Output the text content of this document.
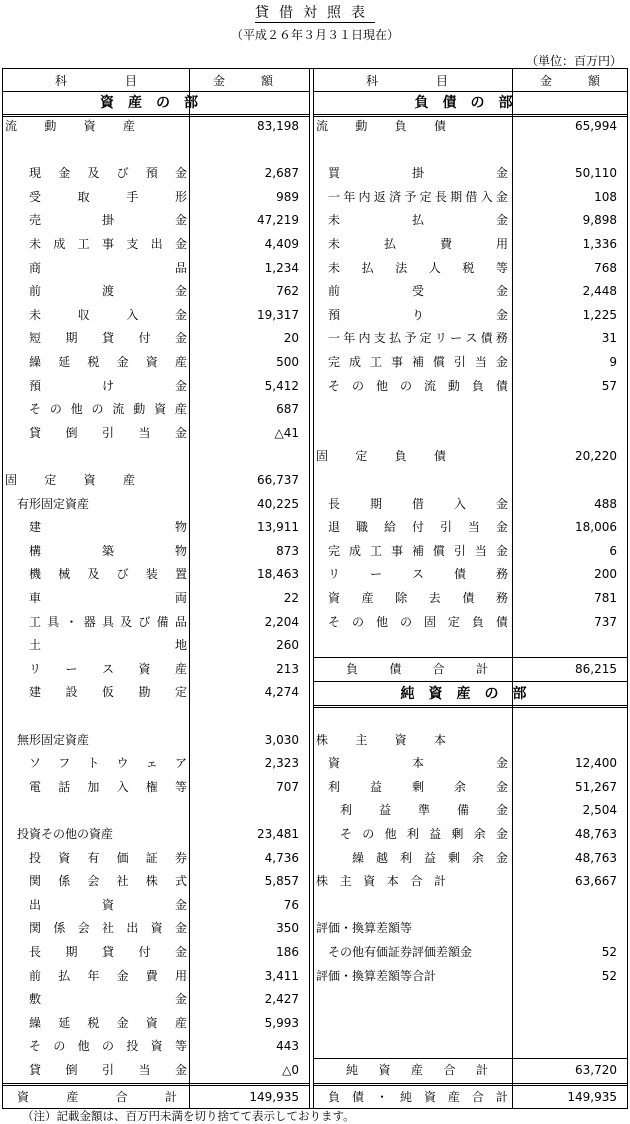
貸借対照表
（平成２６年３月３１日現在）
（単位：百万円）
科	目	金	額
資産の部
流 動 資 産	83,198
現 金 及 び 預 金	2,687
受	取	手	形	989
売	掛	金	47,219
未 成 工 事 支 出 金	4,409
商	品	1,234
前	渡	金	762
未	収	入	金	19,317
短 期 貸 付 金	20
繰 延 税 金 資 産	500
預	け	金	5,412
そ の 他 の 流 動 資 産	687
貸 倒 引 当 金	△41
固 定 資 産	66,737
有形固定資産	40,225
建	物	13,911
構	築	物	873
機 械 及 び 装 置	18,463
車	両	22
工 具 ・ 器 具 及 び 備 品	2,204
土	地	260
リ ー ス 資 産	213
建 設 仮 勘 定	4,274
無形固定資産	3,030
ソ フ ト ウ ェ ア	2,323
電 話 加 入 権 等	707
投資その他の資産	23,481
投 資 有 価 証 券	4,736
関 係 会 社 株 式	5,857
出	資	金	76
関 係 会 社 出 資 金	350
長 期 貸 付 金	186
前 払 年 金 費 用	3,411
敷	金	2,427
繰 延 税 金 資 産	5,993
そ の 他 の 投 資 等	443
貸 倒 引 当 金	△0
資	産	合	計	149,935
科	目	金	額
負債の部
流 動 負 債	65,994
買	掛	金	50,110
一 年 内 返 済 予 定 長 期 借 入 金	108
未	払	金	9,898
未	払	費	用	1,336
未 払 法 人 税 等	768
前	受	金	2,448
預	り	金	1,225
一 年 内 支 払 予 定 リ ー ス 債 務	31
完 成 工 事 補 償 引 当 金	9
そ の 他 の 流 動 負 債	57
固 定 負 債	20,220
長 期 借 入 金	488
退 職 給 付 引 当 金	18,006
完 成 工 事 補 償 引 当 金	6
リ ー ス 債 務	200
資 産 除 去 債 務	781
そ の 他 の 固 定 負 債	737
負	債	合	計	86,215
株 主 資 本
資	本	金	12,400
利 益 剰 余 金	51,267
利 益 準 備 金	2,504
そ の 他 利 益 剰 余 金	48,763
繰 越 利 益 剰 余 金	48,763
株 主 資 本 合 計	63,667
評価・換算差額等
その他有価証券評価差額金	52
評価・換算差額等合計	52
純 資 産 合 計	63,720
純資産の部
負 債 ・ 純 資 産 合 計	149,935
（注）記載金額は、百万円未満を切り捨てて表示しております。
